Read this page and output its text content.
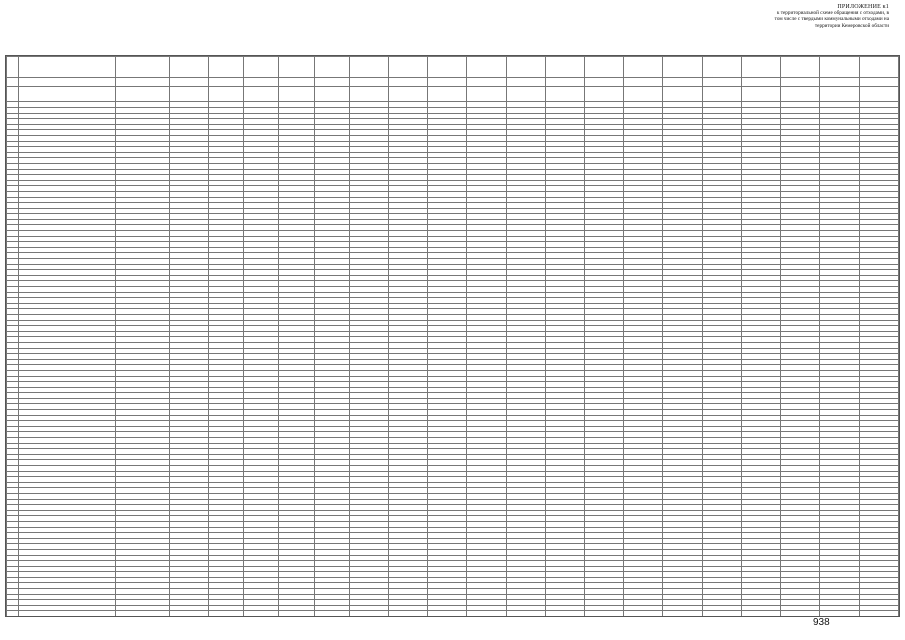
ПРИЛОЖЕНИЕ к1
к территориальной схеме обращения с отходами, в
том числе с твердыми коммунальными отходами на
территории Кемеровской области

938
